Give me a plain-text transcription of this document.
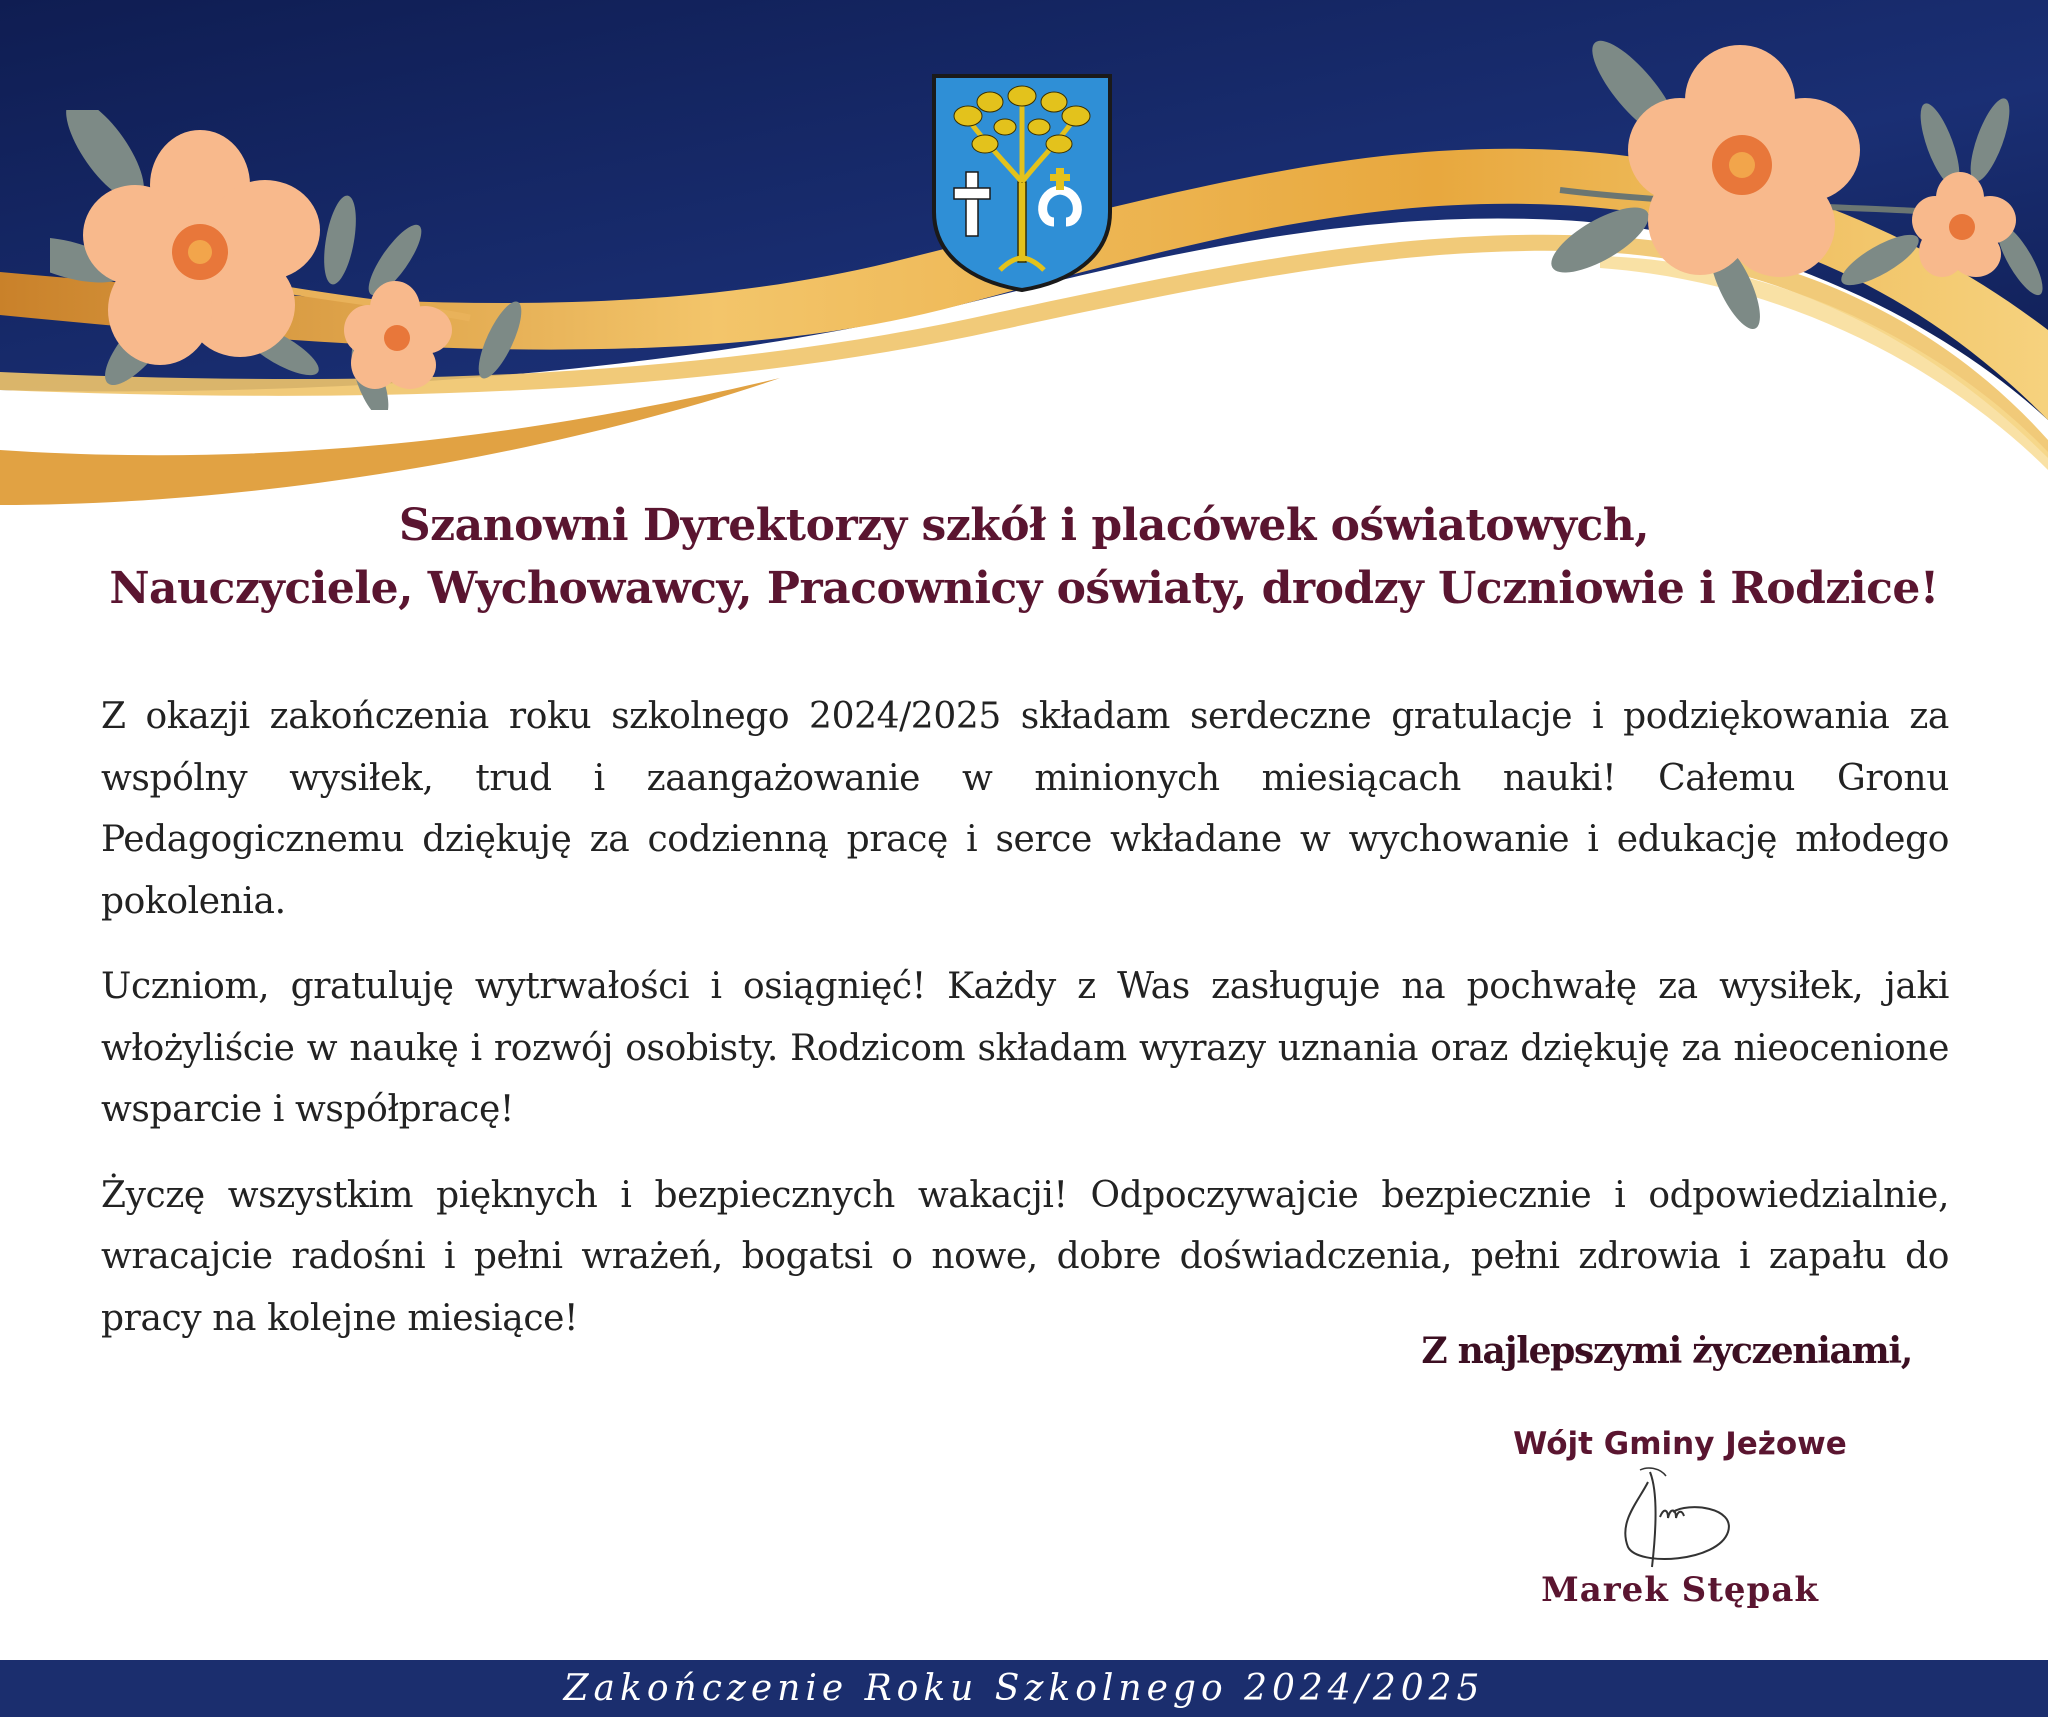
Szanowni Dyrektorzy szkół i placówek oświatowych,
Nauczyciele, Wychowawcy, Pracownicy oświaty, drodzy Uczniowie i Rodzice!

Z okazji zakończenia roku szkolnego 2024/2025 składam serdeczne gratulacje i podziękowania za wspólny wysiłek, trud i zaangażowanie w minionych miesiącach nauki! Całemu Gronu Pedagogicznemu dziękuję za codzienną pracę i serce wkładane w wychowanie i edukację młodego pokolenia.

Uczniom, gratuluję wytrwałości i osiągnięć! Każdy z Was zasługuje na pochwałę za wysiłek, jaki włożyliście w naukę i rozwój osobisty. Rodzicom składam wyrazy uznania oraz dziękuję za nieocenione wsparcie i współpracę!

Życzę wszystkim pięknych i bezpiecznych wakacji! Odpoczywajcie bezpiecznie i odpowiedzialnie, wracajcie radośni i pełni wrażeń, bogatsi o nowe, dobre doświadczenia, pełni zdrowia i zapału do pracy na kolejne miesiące!

Z najlepszymi życzeniami,
Wójt Gminy Jeżowe
Marek Stępak
Zakończenie Roku Szkolnego 2024/2025
